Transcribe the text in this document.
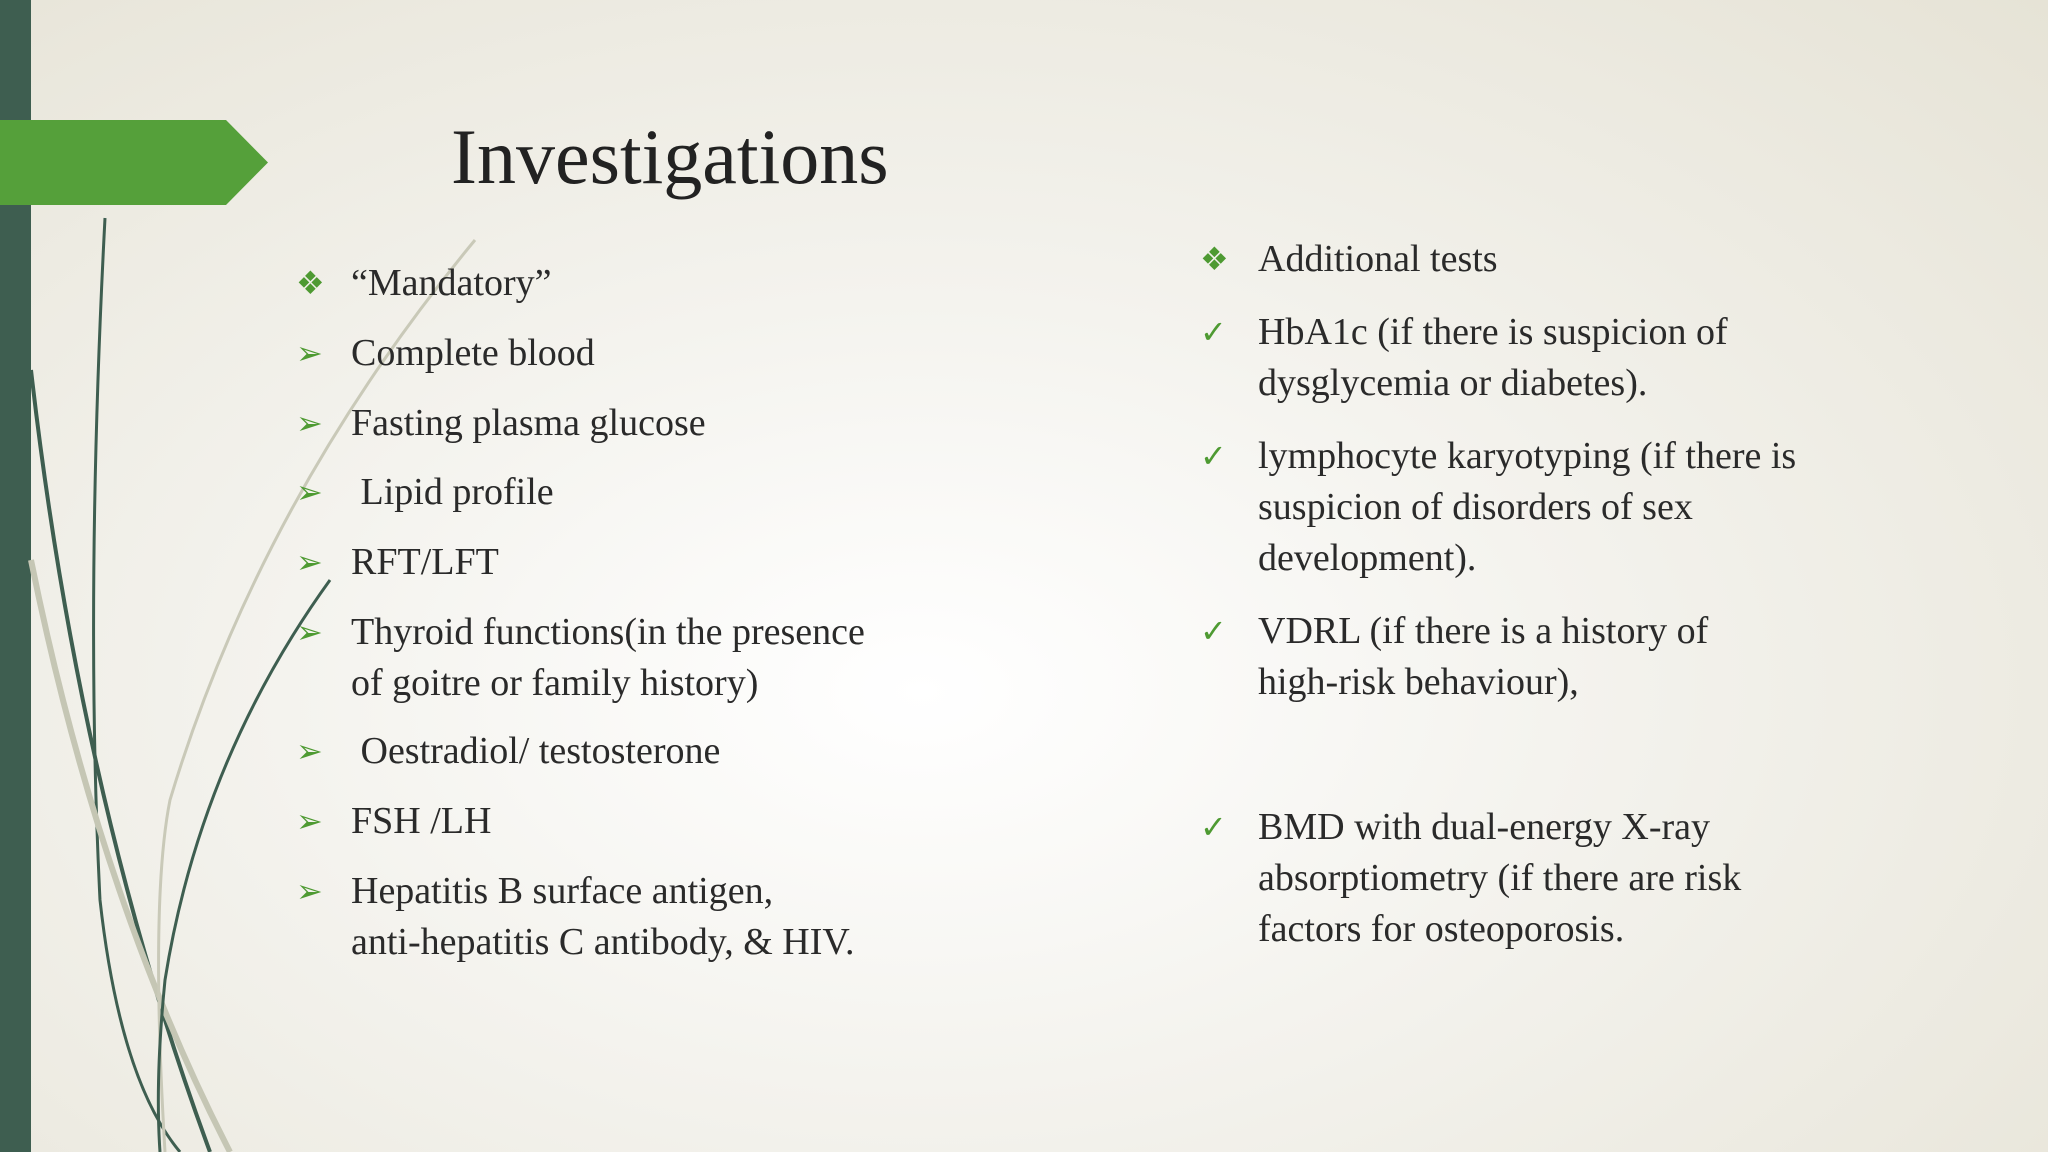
Investigations
❖ “Mandatory”
➢ Complete blood
➢ Fasting plasma glucose
➢ Lipid profile
➢ RFT/LFT
➢ Thyroid functions(in the presence
of goitre or family history)
➢ Oestradiol/ testosterone
➢ FSH /LH
➢ Hepatitis B surface antigen,
anti-hepatitis C antibody, & HIV.
❖ Additional tests
✓ HbA1c (if there is suspicion of
dysglycemia or diabetes).
✓ lymphocyte karyotyping (if there is
suspicion of disorders of sex
development).
✓ VDRL (if there is a history of
high-risk behaviour),
✓ BMD with dual-energy X-ray
absorptiometry (if there are risk
factors for osteoporosis.
